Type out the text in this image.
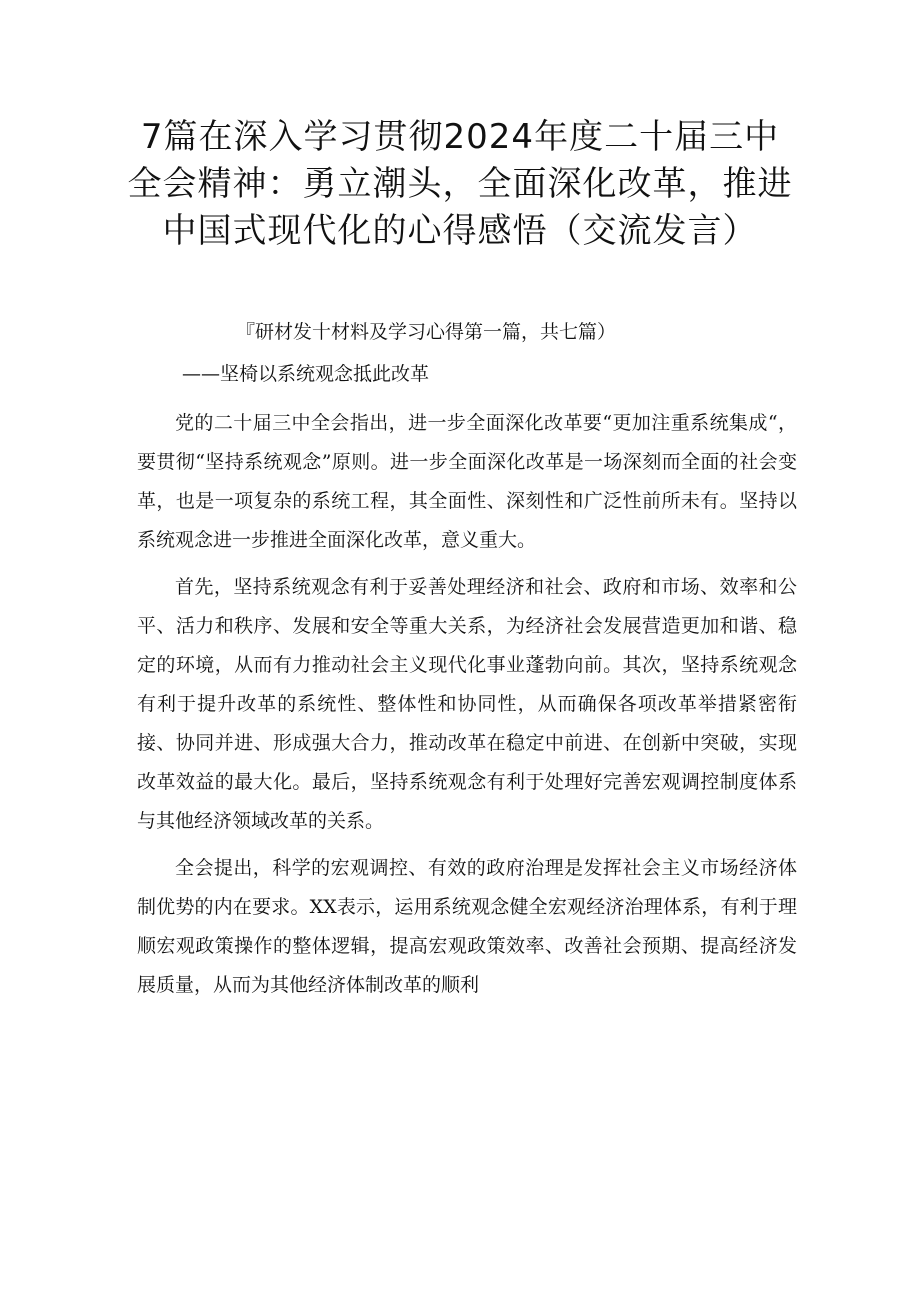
7篇在深入学习贯彻2024年度二十届三中
全会精神：勇立潮头，全面深化改革，推进
中国式现代化的心得感悟（交流发言）
『研材发十材料及学习心得第一篇，共七篇）
——坚椅以系统观念抵此改革

党的二十届三中全会指出，进一步全面深化改革要“更加注重系统集成“，要贯彻“坚持系统观念”原则。进一步全面深化改革是一场深刻而全面的社会变革，也是一项复杂的系统工程，其全面性、深刻性和广泛性前所未有。坚持以系统观念进一步推进全面深化改革，意义重大。

首先，坚持系统观念有利于妥善处理经济和社会、政府和市场、效率和公平、活力和秩序、发展和安全等重大关系，为经济社会发展营造更加和谐、稳定的环境，从而有力推动社会主义现代化事业蓬勃向前。其次，坚持系统观念有利于提升改革的系统性、整体性和协同性，从而确保各项改革举措紧密衔接、协同并进、形成强大合力，推动改革在稳定中前进、在创新中突破，实现改革效益的最大化。最后，坚持系统观念有利于处理好完善宏观调控制度体系与其他经济领域改革的关系。

全会提出，科学的宏观调控、有效的政府治理是发挥社会主义市场经济体制优势的内在要求。XX表示，运用系统观念健全宏观经济治理体系，有利于理顺宏观政策操作的整体逻辑，提高宏观政策效率、改善社会预期、提高经济发展质量，从而为其他经济体制改革的顺利
